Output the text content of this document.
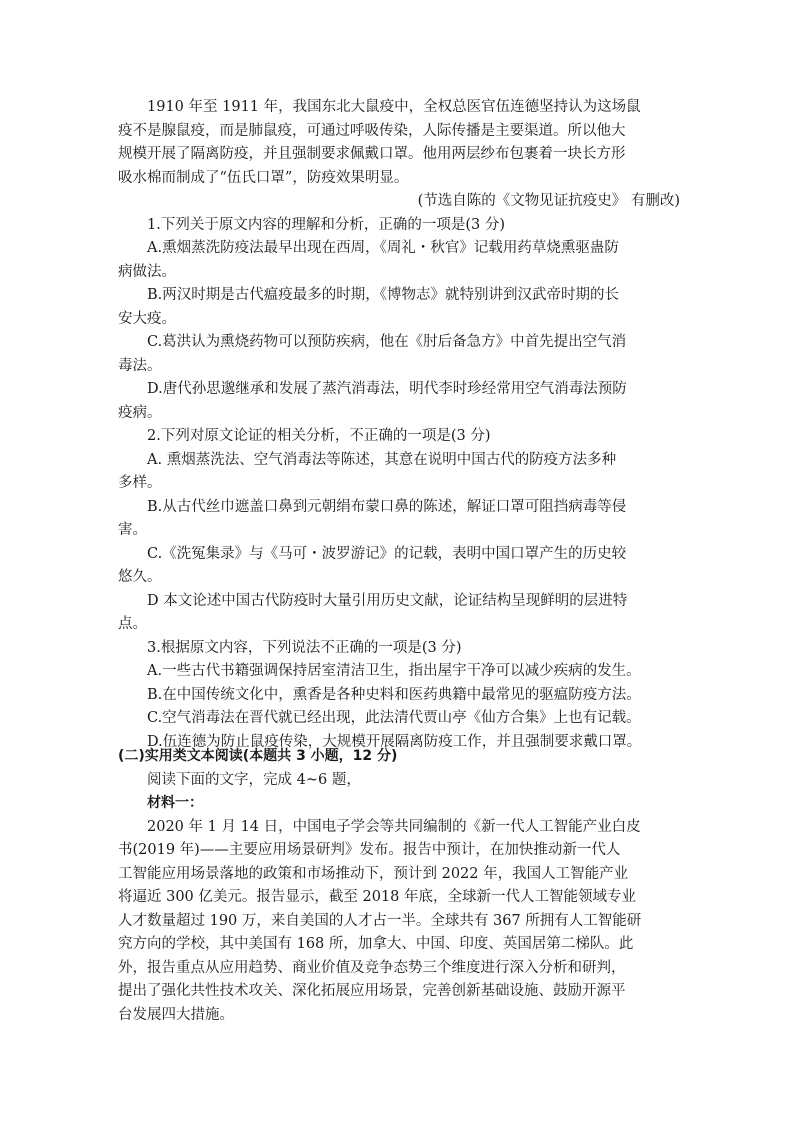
1910 年至 1911 年，我国东北大鼠疫中，全权总医官伍连德坚持认为这场鼠
疫不是腺鼠疫，而是肺鼠疫，可通过呼吸传染，人际传播是主要渠道。所以他大
规模开展了隔离防疫，并且强制要求佩戴口罩。他用两层纱布包裹着一块长方形
吸水棉而制成了“伍氏口罩”，防疫效果明显。
(节选自陈的《文物见证抗疫史》 有删改)
1.下列关于原文内容的理解和分析，正确的一项是(3 分)
A.熏烟蒸洗防疫法最早出现在西周，《周礼・秋官》记载用药草烧熏驱蛊防
病做法。
B.两汉时期是古代瘟疫最多的时期，《博物志》就特别讲到汉武帝时期的长
安大疫。
C.葛洪认为熏烧药物可以预防疾病，他在《肘后备急方》中首先提出空气消
毒法。
D.唐代孙思邈继承和发展了蒸汽消毒法，明代李时珍经常用空气消毒法预防
疫病。
2.下列对原文论证的相关分析，不正确的一项是(3 分)
A. 熏烟蒸洗法、空气消毒法等陈述，其意在说明中国古代的防疫方法多种
多样。
B.从古代丝巾遮盖口鼻到元朝绢布蒙口鼻的陈述，解证口罩可阻挡病毒等侵
害。
C.《洗冤集录》与《马可・波罗游记》的记载，表明中国口罩产生的历史较
悠久。
D 本文论述中国古代防疫时大量引用历史文献，论证结构呈现鲜明的层进特
点。
3.根据原文内容，下列说法不正确的一项是(3 分)
A.一些古代书籍强调保持居室清洁卫生，指出屋宇干净可以减少疾病的发生。
B.在中国传统文化中，熏香是各种史料和医药典籍中最常见的驱瘟防疫方法。
C.空气消毒法在晋代就已经出现，此法清代贾山亭《仙方合集》上也有记载。
D.伍连德为防止鼠疫传染，大规模开展隔离防疫工作，并且强制要求戴口罩。
(二)实用类文本阅读(本题共 3 小题，12 分)
阅读下面的文字，完成 4~6 题，
材料一：
2020 年 1 月 14 日，中国电子学会等共同编制的《新一代人工智能产业白皮
书(2019 年)——主要应用场景研判》发布。报告中预计，在加快推动新一代人
工智能应用场景落地的政策和市场推动下，预计到 2022 年，我国人工智能产业
将逼近 300 亿美元。报告显示，截至 2018 年底，全球新一代人工智能领域专业
人才数量超过 190 万，来自美国的人才占一半。全球共有 367 所拥有人工智能研
究方向的学校，其中美国有 168 所，加拿大、中国、印度、英国居第二梯队。此
外，报告重点从应用趋势、商业价值及竞争态势三个维度进行深入分析和研判，
提出了强化共性技术攻关、深化拓展应用场景，完善创新基础设施、鼓励开源平
台发展四大措施。
